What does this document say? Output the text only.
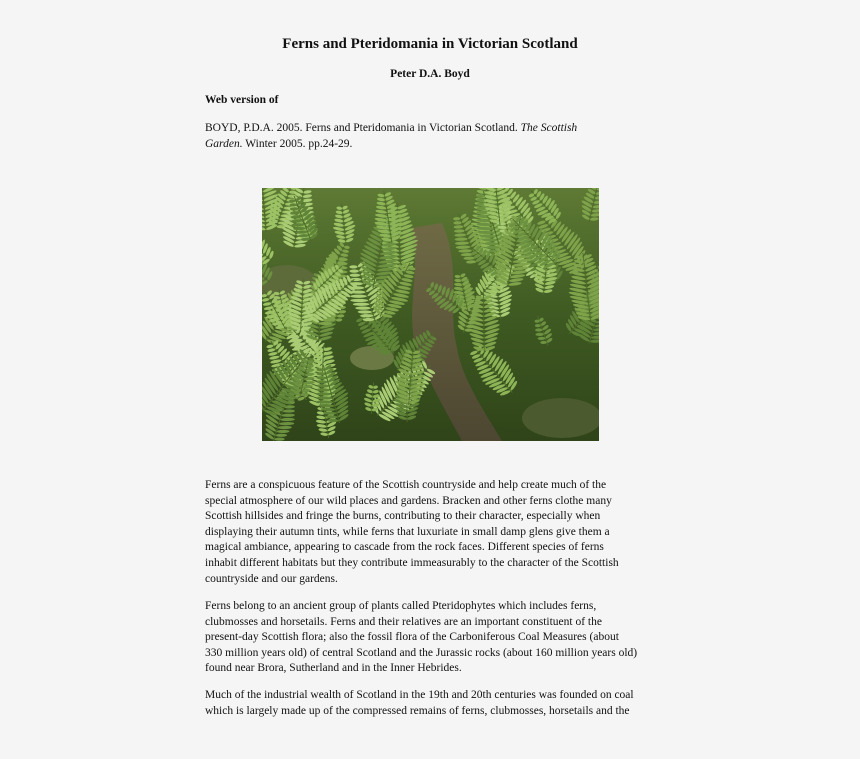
Ferns and Pteridomania in Victorian Scotland
Peter D.A. Boyd
Web version of
BOYD, P.D.A. 2005. Ferns and Pteridomania in Victorian Scotland. The Scottish
Garden. Winter 2005. pp.24-29.
Ferns are a conspicuous feature of the Scottish countryside and help create much of the
special atmosphere of our wild places and gardens. Bracken and other ferns clothe many
Scottish hillsides and fringe the burns, contributing to their character, especially when
displaying their autumn tints, while ferns that luxuriate in small damp glens give them a
magical ambiance, appearing to cascade from the rock faces. Different species of ferns
inhabit different habitats but they contribute immeasurably to the character of the Scottish
countryside and our gardens.
Ferns belong to an ancient group of plants called Pteridophytes which includes ferns,
clubmosses and horsetails. Ferns and their relatives are an important constituent of the
present-day Scottish flora; also the fossil flora of the Carboniferous Coal Measures (about
330 million years old) of central Scotland and the Jurassic rocks (about 160 million years old)
found near Brora, Sutherland and in the Inner Hebrides.
Much of the industrial wealth of Scotland in the 19th and 20th centuries was founded on coal
which is largely made up of the compressed remains of ferns, clubmosses, horsetails and the
